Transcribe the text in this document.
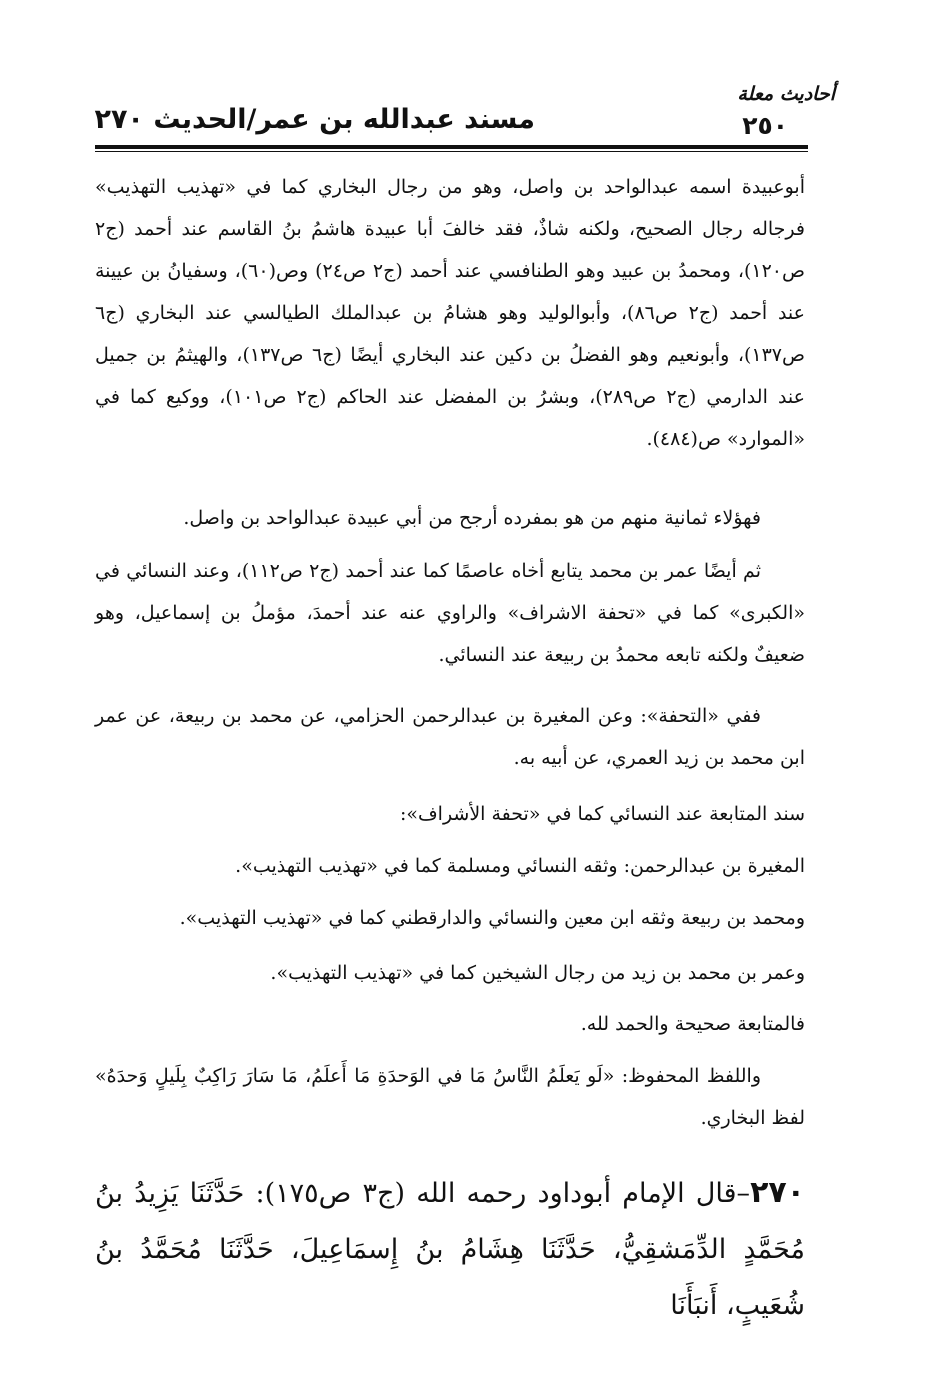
أحاديث معلة
٢٥٠
مسند عبدالله بن عمر/الحديث ٢٧٠
أبوعبيدة اسمه عبدالواحد بن واصل، وهو من رجال البخاري كما في «تهذيب التهذيب» فرجاله رجال الصحيح، ولكنه شاذٌ، فقد خالفَ أبا عبيدة هاشمُ بنُ القاسم عند أحمد (ج٢ ص١٢٠)، ومحمدُ بن عبيد وهو الطنافسي عند أحمد (ج٢ ص٢٤) وص(٦٠)، وسفيانُ بن عيينة عند أحمد (ج٢ ص٨٦)، وأبوالوليد وهو هشامُ بن عبدالملك الطيالسي عند البخاري (ج٦ ص١٣٧)، وأبونعيم وهو الفضلُ بن دكين عند البخاري أيضًا (ج٦ ص١٣٧)، والهيثمُ بن جميل عند الدارمي (ج٢ ص٢٨٩)، وبشرُ بن المفضل عند الحاكم (ج٢ ص١٠١)، ووكيع كما في «الموارد» ص(٤٨٤).
فهؤلاء ثمانية منهم من هو بمفرده أرجح من أبي عبيدة عبدالواحد بن واصل.
ثم أيضًا عمر بن محمد يتابع أخاه عاصمًا كما عند أحمد (ج٢ ص١١٢)، وعند النسائي في «الكبرى» كما في «تحفة الاشراف» والراوي عنه عند أحمدَ، مؤملُ بن إسماعيل، وهو ضعيفٌ ولكنه تابعه محمدُ بن ربيعة عند النسائي.
ففي «التحفة»: وعن المغيرة بن عبدالرحمن الحزامي، عن محمد بن ربيعة، عن عمر ابن محمد بن زيد العمري، عن أبيه به.
سند المتابعة عند النسائي كما في «تحفة الأشراف»:
المغيرة بن عبدالرحمن: وثقه النسائي ومسلمة كما في «تهذيب التهذيب».
ومحمد بن ربيعة وثقه ابن معين والنسائي والدارقطني كما في «تهذيب التهذيب».
وعمر بن محمد بن زيد من رجال الشيخين كما في «تهذيب التهذيب».
فالمتابعة صحيحة والحمد لله.
واللفظ المحفوظ: «لَو يَعلَمُ النَّاسُ مَا في الوَحدَةِ مَا أَعلَمُ، مَا سَارَ رَاكِبٌ بِلَيلٍ وَحدَهُ» لفظ البخاري.
٢٧٠–قال الإمام أبوداود رحمه الله (ج٣ ص١٧٥): حَدَّثَنَا يَزِيدُ بنُ مُحَمَّدٍ الدِّمَشقِيُّ، حَدَّثَنَا هِشَامُ بنُ إِسمَاعِيلَ، حَدَّثَنَا مُحَمَّدُ بنُ شُعَيبٍ، أَنبَأَنَا
